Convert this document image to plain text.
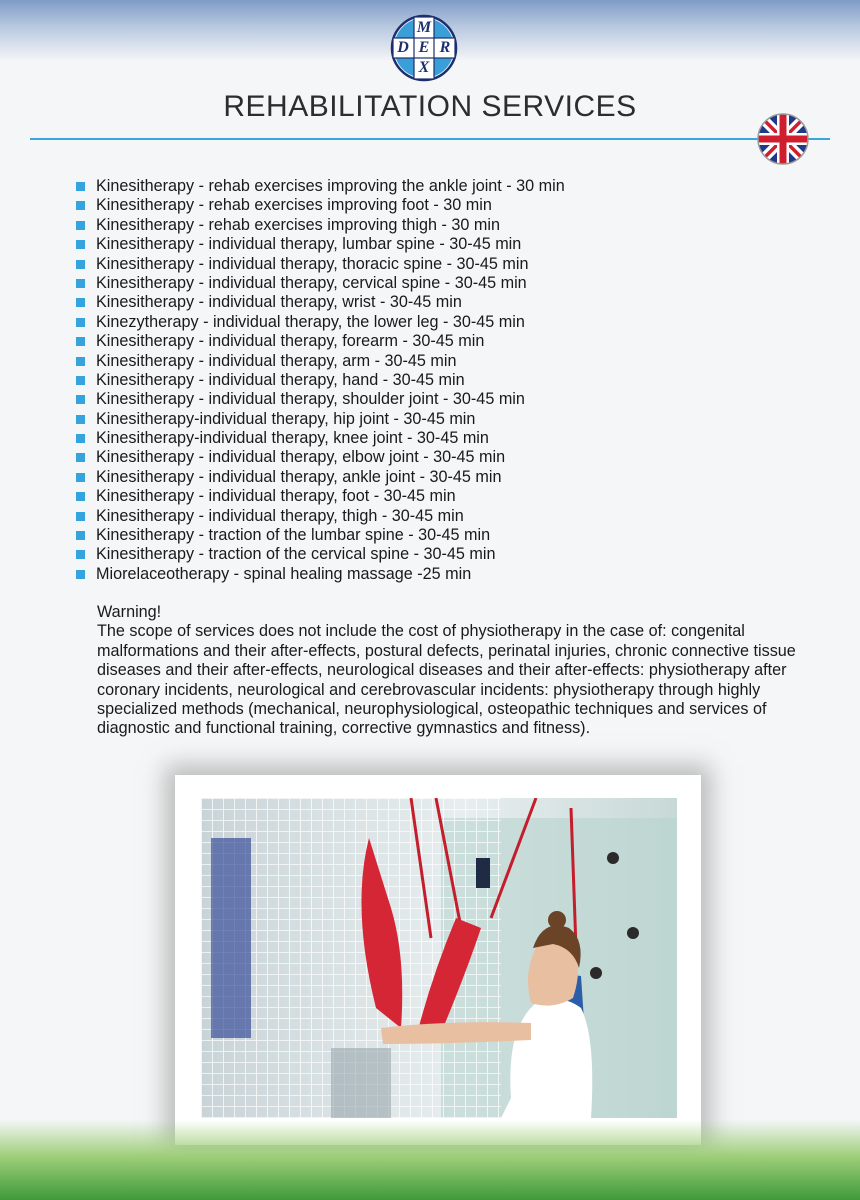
M
D E R
X
REHABILITATION SERVICES
Kinesitherapy - rehab exercises improving the ankle joint - 30 min
Kinesitherapy - rehab exercises improving foot - 30 min
Kinesitherapy - rehab exercises improving thigh - 30 min
Kinesitherapy - individual therapy, lumbar spine - 30-45 min
Kinesitherapy - individual therapy, thoracic spine - 30-45 min
Kinesitherapy - individual therapy, cervical spine - 30-45 min
Kinesitherapy - individual therapy, wrist - 30-45 min
Kinezytherapy - individual therapy, the lower leg - 30-45 min
Kinesitherapy - individual therapy, forearm - 30-45 min
Kinesitherapy - individual therapy, arm - 30-45 min
Kinesitherapy - individual therapy, hand - 30-45 min
Kinesitherapy - individual therapy, shoulder joint - 30-45 min
Kinesitherapy-individual therapy, hip joint - 30-45 min
Kinesitherapy-individual therapy, knee joint - 30-45 min
Kinesitherapy - individual therapy, elbow joint - 30-45 min
Kinesitherapy - individual therapy, ankle joint - 30-45 min
Kinesitherapy - individual therapy, foot - 30-45 min
Kinesitherapy - individual therapy, thigh - 30-45 min
Kinesitherapy - traction of the lumbar spine - 30-45 min
Kinesitherapy - traction of the cervical spine - 30-45 min
Miorelaceotherapy - spinal healing massage -25 min

Warning!

The scope of services does not include the cost of physiotherapy in the case of: congenital malformations and their after-effects, postural defects, perinatal injuries, chronic connective tissue diseases and their after-effects, neurological diseases and their after-effects: physiotherapy after coronary incidents, neurological and cerebrovascular incidents: physiotherapy through highly specialized methods (mechanical, neurophysiological, osteopathic techniques and services of diagnostic and functional training, corrective gymnastics and fitness).
